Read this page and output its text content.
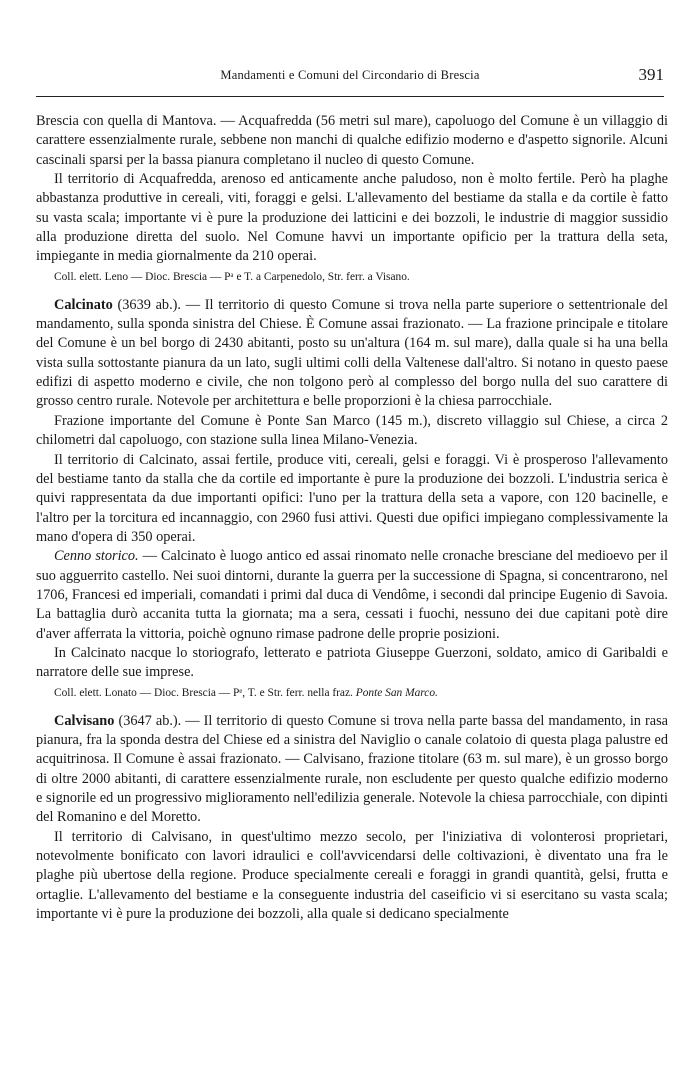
Mandamenti e Comuni del Circondario di Brescia	391

Brescia con quella di Mantova. — Acquafredda (56 metri sul mare), capoluogo del Comune è un villaggio di carattere essenzialmente rurale, sebbene non manchi di qualche edifizio moderno e d'aspetto signorile. Alcuni cascinali sparsi per la bassa pianura completano il nucleo di questo Comune.

Il territorio di Acquafredda, arenoso ed anticamente anche paludoso, non è molto fertile. Però ha plaghe abbastanza produttive in cereali, viti, foraggi e gelsi. L'allevamento del bestiame da stalla e da cortile è fatto su vasta scala; importante vi è pure la produzione dei latticini e dei bozzoli, le industrie di maggior sussidio alla produzione diretta del suolo. Nel Comune havvi un importante opificio per la trattura della seta, impiegante in media giornalmente da 210 operai.

Coll. elett. Leno — Dioc. Brescia — Pᵃ e T. a Carpenedolo, Str. ferr. a Visano.

Calcinato (3639 ab.). — Il territorio di questo Comune si trova nella parte superiore o settentrionale del mandamento, sulla sponda sinistra del Chiese. È Comune assai frazionato. — La frazione principale e titolare del Comune è un bel borgo di 2430 abitanti, posto su un'altura (164 m. sul mare), dalla quale si ha una bella vista sulla sottostante pianura da un lato, sugli ultimi colli della Valtenese dall'altro. Si notano in questo paese edifizi di aspetto moderno e civile, che non tolgono però al complesso del borgo nulla del suo carattere di grosso centro rurale. Notevole per architettura e belle proporzioni è la chiesa parrocchiale.

Frazione importante del Comune è Ponte San Marco (145 m.), discreto villaggio sul Chiese, a circa 2 chilometri dal capoluogo, con stazione sulla linea Milano-Venezia.

Il territorio di Calcinato, assai fertile, produce viti, cereali, gelsi e foraggi. Vi è prosperoso l'allevamento del bestiame tanto da stalla che da cortile ed importante è pure la produzione dei bozzoli. L'industria serica è quivi rappresentata da due importanti opifici: l'uno per la trattura della seta a vapore, con 120 bacinelle, e l'altro per la torcitura ed incannaggio, con 2960 fusi attivi. Questi due opifici impiegano complessivamente la mano d'opera di 350 operai.

Cenno storico. — Calcinato è luogo antico ed assai rinomato nelle cronache bresciane del medioevo per il suo agguerrito castello. Nei suoi dintorni, durante la guerra per la successione di Spagna, si concentrarono, nel 1706, Francesi ed imperiali, comandati i primi dal duca di Vendôme, i secondi dal principe Eugenio di Savoia. La battaglia durò accanita tutta la giornata; ma a sera, cessati i fuochi, nessuno dei due capitani potè dire d'aver afferrata la vittoria, poichè ognuno rimase padrone delle proprie posizioni.

In Calcinato nacque lo storiografo, letterato e patriota Giuseppe Guerzoni, soldato, amico di Garibaldi e narratore delle sue imprese.

Coll. elett. Lonato — Dioc. Brescia — Pᵉ, T. e Str. ferr. nella fraz. Ponte San Marco.

Calvisano (3647 ab.). — Il territorio di questo Comune si trova nella parte bassa del mandamento, in rasa pianura, fra la sponda destra del Chiese ed a sinistra del Naviglio o canale colatoio di questa plaga palustre ed acquitrinosa. Il Comune è assai frazionato. — Calvisano, frazione titolare (63 m. sul mare), è un grosso borgo di oltre 2000 abitanti, di carattere essenzialmente rurale, non escludente per questo qualche edifizio moderno e signorile ed un progressivo miglioramento nell'edilizia generale. Notevole la chiesa parrocchiale, con dipinti del Romanino e del Moretto.

Il territorio di Calvisano, in quest'ultimo mezzo secolo, per l'iniziativa di volonterosi proprietari, notevolmente bonificato con lavori idraulici e coll'avvicendarsi delle coltivazioni, è diventato una fra le plaghe più ubertose della regione. Produce specialmente cereali e foraggi in grandi quantità, gelsi, frutta e ortaglie. L'allevamento del bestiame e la conseguente industria del caseificio vi si esercitano su vasta scala; importante vi è pure la produzione dei bozzoli, alla quale si dedicano specialmente
